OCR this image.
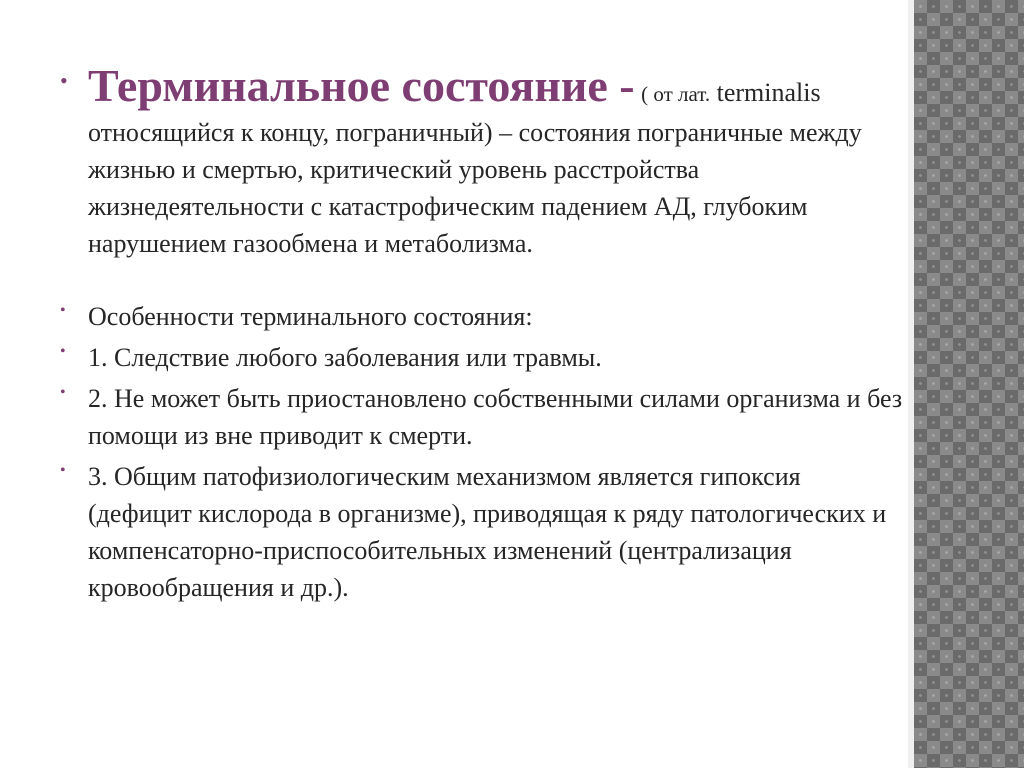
• Терминальное состояние - ( от лат. terminalis относящийся к концу, пограничный) – состояния пограничные между жизнью и смертью, критический уровень расстройства жизнедеятельности с катастрофическим падением АД, глубоким нарушением газообмена и метаболизма.
• Особенности терминального состояния:
• 1. Следствие любого заболевания или травмы.
• 2. Не может быть приостановлено собственными силами организма и без помощи из вне приводит к смерти.
• 3. Общим патофизиологическим механизмом является гипоксия (дефицит кислорода в организме), приводящая к ряду патологических и компенсаторно-приспособительных изменений (централизация кровообращения и др.).
